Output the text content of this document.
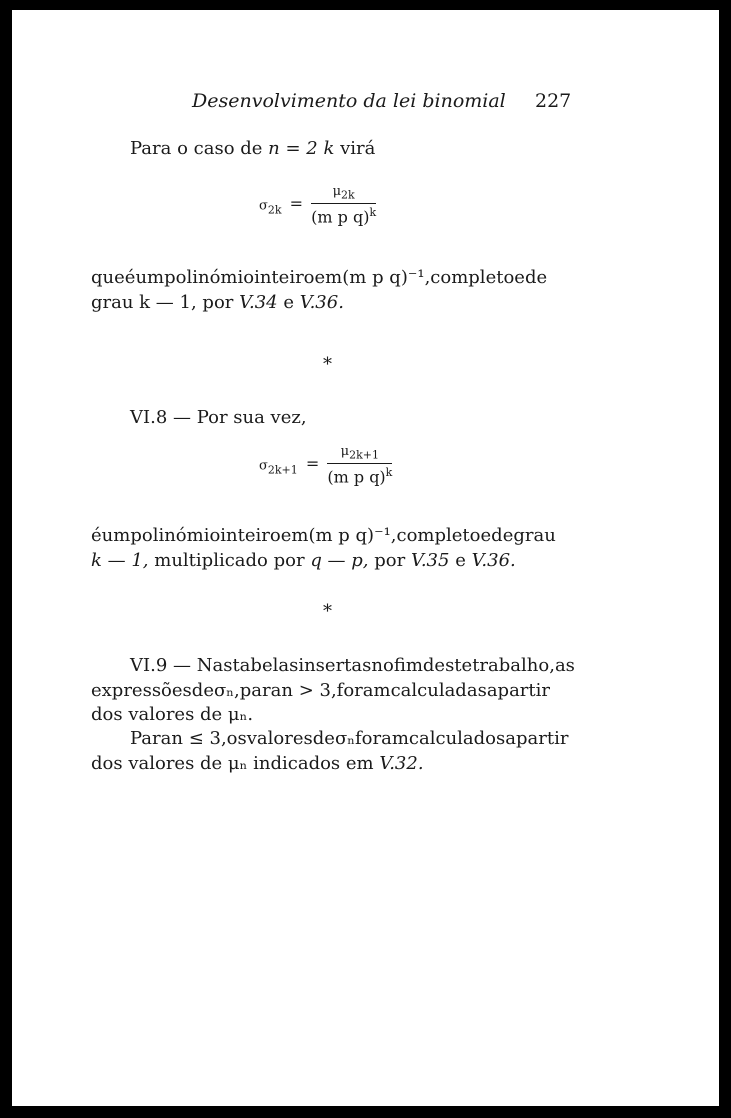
Desenvolvimento da lei binomial 227
Para o caso de n = 2 k virá
$\sigma_{2k} = \frac{\mu_{2k}}{(m p q)^k}$
que é um polinómio inteiro em (m p q)⁻¹, completo e de
grau k — 1, por V.34 e V.36.
*
VI.8 — Por sua vez,
$\sigma_{2k+1} = \frac{\mu_{2k+1}}{(m p q)^k}$
é um polinómio inteiro em (m p q)⁻¹, completo e de grau
k — 1, multiplicado por q — p, por V.35 e V.36.
*
VI.9 — Nas tabelas insertas no fim deste trabalho, as
expressões de σₙ, para n > 3, foram calculadas a partir
dos valores de μₙ.
Para n ≤ 3, os valores de σₙ foram calculados a partir
dos valores de μₙ indicados em V.32.
